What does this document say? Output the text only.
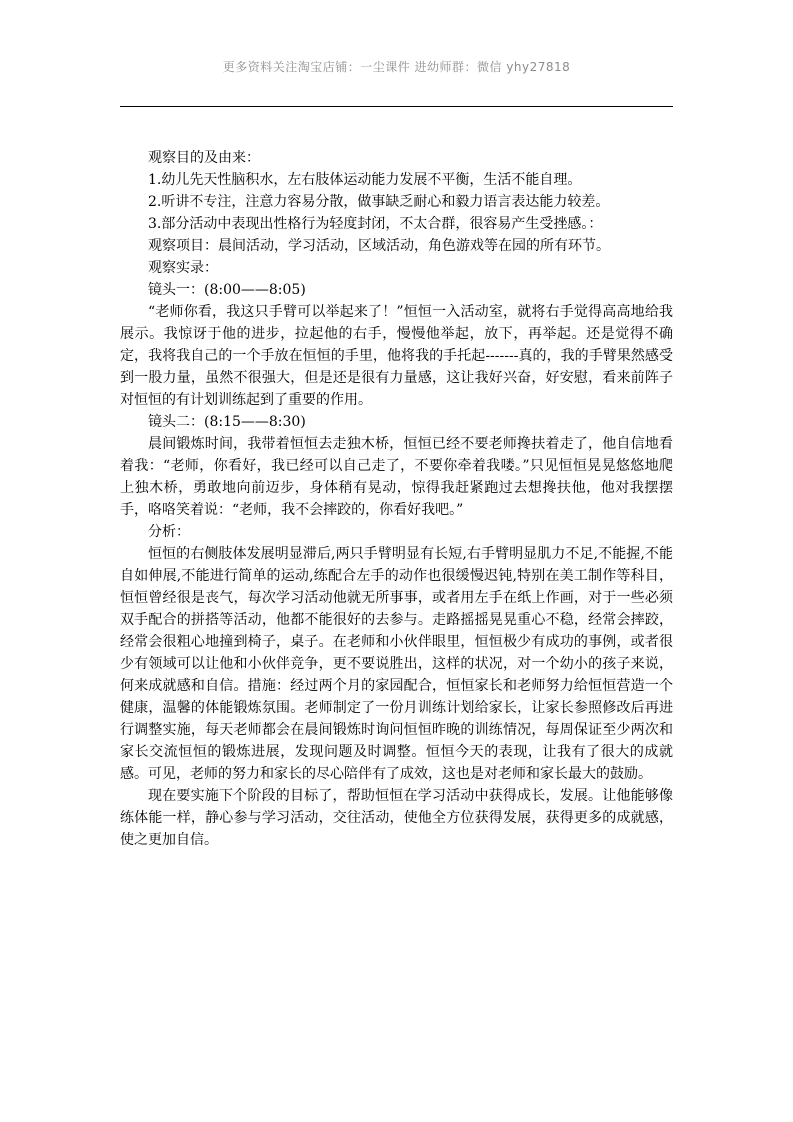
更多资料关注淘宝店铺：一尘课件 进幼师群：微信 yhy27818

观察目的及由来：

1.幼儿先天性脑积水，左右肢体运动能力发展不平衡，生活不能自理。

2.听讲不专注，注意力容易分散，做事缺乏耐心和毅力语言表达能力较差。

3.部分活动中表现出性格行为轻度封闭，不太合群，很容易产生受挫感。：

观察项目：晨间活动，学习活动，区域活动，角色游戏等在园的所有环节。

观察实录：

镜头一：(8:00——8:05)

“老师你看，我这只手臂可以举起来了！”恒恒一入活动室，就将右手觉得高高地给我展示。我惊讶于他的进步，拉起他的右手，慢慢他举起，放下，再举起。还是觉得不确定，我将我自己的一个手放在恒恒的手里，他将我的手托起-------真的，我的手臂果然感受到一股力量，虽然不很强大，但是还是很有力量感，这让我好兴奋，好安慰，看来前阵子对恒恒的有计划训练起到了重要的作用。

镜头二：(8:15——8:30)

晨间锻炼时间，我带着恒恒去走独木桥，恒恒已经不要老师搀扶着走了，他自信地看着我：“老师，你看好，我已经可以自己走了，不要你牵着我喽。”只见恒恒晃晃悠悠地爬上独木桥，勇敢地向前迈步，身体稍有晃动，惊得我赶紧跑过去想搀扶他，他对我摆摆手，咯咯笑着说：“老师，我不会摔跤的，你看好我吧。”

分析：

恒恒的右侧肢体发展明显滞后,两只手臂明显有长短,右手臂明显肌力不足,不能握,不能自如伸展,不能进行简单的运动,练配合左手的动作也很缓慢迟钝,特别在美工制作等科目，恒恒曾经很是丧气，每次学习活动他就无所事事，或者用左手在纸上作画，对于一些必须双手配合的拼搭等活动，他都不能很好的去参与。走路摇摇晃晃重心不稳，经常会摔跤，经常会很粗心地撞到椅子，桌子。在老师和小伙伴眼里，恒恒极少有成功的事例，或者很少有领域可以让他和小伙伴竞争，更不要说胜出，这样的状况，对一个幼小的孩子来说，何来成就感和自信。措施：经过两个月的家园配合，恒恒家长和老师努力给恒恒营造一个健康，温馨的体能锻炼氛围。老师制定了一份月训练计划给家长，让家长参照修改后再进行调整实施，每天老师都会在晨间锻炼时询问恒恒昨晚的训练情况，每周保证至少两次和家长交流恒恒的锻炼进展，发现问题及时调整。恒恒今天的表现，让我有了很大的成就感。可见，老师的努力和家长的尽心陪伴有了成效，这也是对老师和家长最大的鼓励。

现在要实施下个阶段的目标了，帮助恒恒在学习活动中获得成长，发展。让他能够像练体能一样，静心参与学习活动，交往活动，使他全方位获得发展，获得更多的成就感，使之更加自信。
